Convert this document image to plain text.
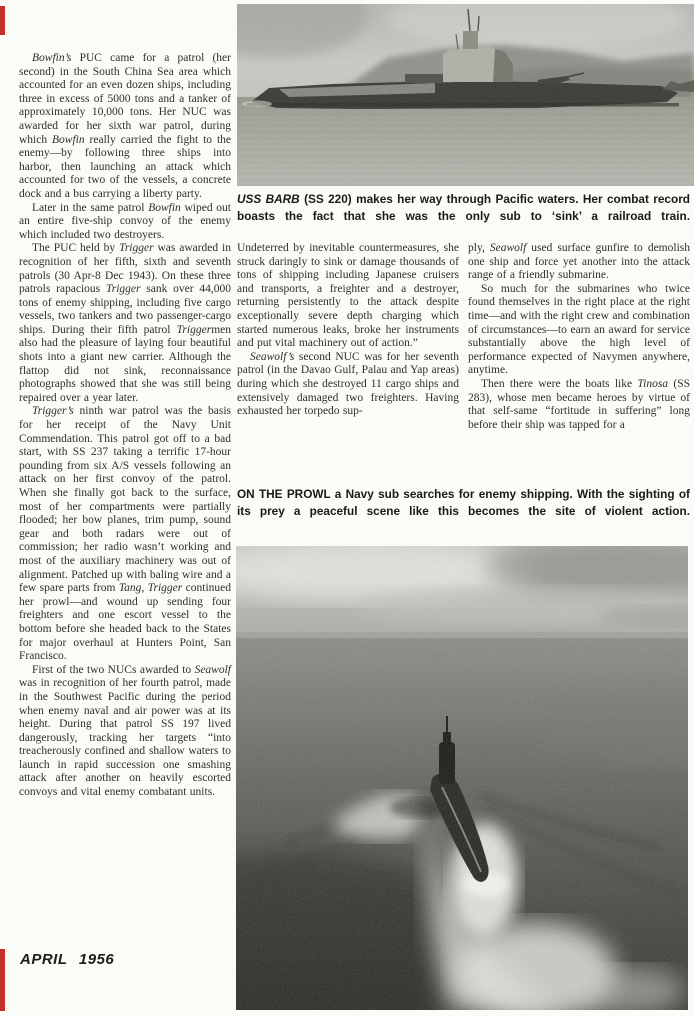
USS BARB (SS 220) makes her way through Pacific waters. Her combat record boasts the fact that she was the only sub to ‘sink’ a railroad train.

Bowfin’s PUC came for a patrol (her second) in the South China Sea area which accounted for an even dozen ships, including three in excess of 5000 tons and a tanker of approximately 10,000 tons. Her NUC was awarded for her sixth war patrol, during which Bowfin really carried the fight to the enemy—by following three ships into harbor, then launching an attack which accounted for two of the vessels, a concrete dock and a bus carrying a liberty party.

Later in the same patrol Bowfin wiped out an entire five-ship convoy of the enemy which included two destroyers.

The PUC held by Trigger was awarded in recognition of her fifth, sixth and seventh patrols (30 Apr-8 Dec 1943). On these three patrols rapacious Trigger sank over 44,000 tons of enemy shipping, including five cargo vessels, two tankers and two passenger-cargo ships. During their fifth patrol Triggermen also had the pleasure of laying four beautiful shots into a giant new carrier. Although the flattop did not sink, reconnaissance photographs showed that she was still being repaired over a year later.

Trigger’s ninth war patrol was the basis for her receipt of the Navy Unit Commendation. This patrol got off to a bad start, with SS 237 taking a terrific 17-hour pounding from six A/S vessels following an attack on her first convoy of the patrol. When she finally got back to the surface, most of her compartments were partially flooded; her bow planes, trim pump, sound gear and both radars were out of commission; her radio wasn’t working and most of the auxiliary machinery was out of alignment. Patched up with baling wire and a few spare parts from Tang, Trigger continued her prowl—and wound up sending four freighters and one escort vessel to the bottom before she headed back to the States for major overhaul at Hunters Point, San Francisco.

First of the two NUCs awarded to Seawolf was in recognition of her fourth patrol, made in the Southwest Pacific during the period when enemy naval and air power was at its height. During that patrol SS 197 lived dangerously, tracking her targets “into treacherously confined and shallow waters to launch in rapid succession one smashing attack after another on heavily escorted convoys and vital enemy combatant units.

Undeterred by inevitable countermeasures, she struck daringly to sink or damage thousands of tons of shipping including Japanese cruisers and transports, a freighter and a destroyer, returning persistently to the attack despite exceptionally severe depth charging which started numerous leaks, broke her instruments and put vital machinery out of action.”

Seawolf’s second NUC was for her seventh patrol (in the Davao Gulf, Palau and Yap areas) during which she destroyed 11 cargo ships and extensively damaged two freighters. Having exhausted her torpedo sup-

ply, Seawolf used surface gunfire to demolish one ship and force yet another into the attack range of a friendly submarine.

So much for the submarines who twice found themselves in the right place at the right time—and with the right crew and combination of circumstances—to earn an award for service substantially above the high level of performance expected of Navymen anywhere, anytime.

Then there were the boats like Tinosa (SS 283), whose men became heroes by virtue of that self-same “fortitude in suffering” long before their ship was tapped for a

ON THE PROWL a Navy sub searches for enemy shipping. With the sighting of its prey a peaceful scene like this becomes the site of violent action.
APRIL 1956
